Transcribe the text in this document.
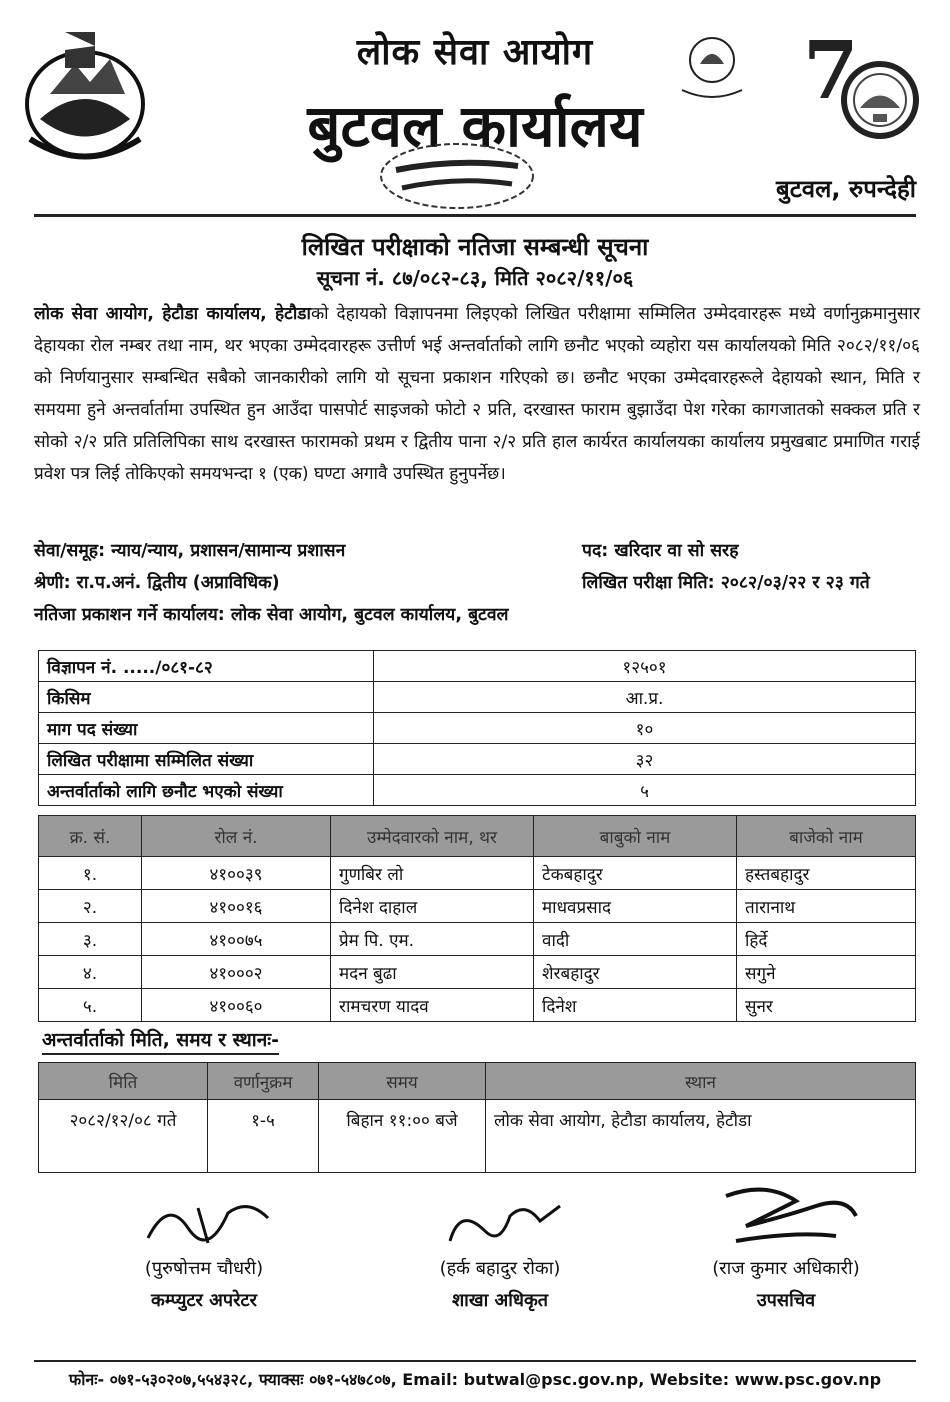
7
लोक सेवा आयोग
बुटवल कार्यालय
बुटवल, रुपन्देही
लिखित परीक्षाको नतिजा सम्बन्धी सूचना
सूचना नं. ८७/०८२-८३, मिति २०८२/११/०६
लोक सेवा आयोग, हेटौडा कार्यालय, हेटौडाको देहायको विज्ञापनमा लिइएको लिखित परीक्षामा सम्मिलित उम्मेदवारहरू मध्ये वर्णानुक्रमानुसार देहायका रोल नम्बर तथा नाम, थर भएका उम्मेदवारहरू उत्तीर्ण भई अन्तर्वार्ताको लागि छनौट भएको व्यहोरा यस कार्यालयको मिति २०८२/११/०६ को निर्णयानुसार सम्बन्धित सबैको जानकारीको लागि यो सूचना प्रकाशन गरिएको छ। छनौट भएका उम्मेदवारहरूले देहायको स्थान, मिति र समयमा हुने अन्तर्वार्तामा उपस्थित हुन आउँदा पासपोर्ट साइजको फोटो २ प्रति, दरखास्त फाराम बुझाउँदा पेश गरेका कागजातको सक्कल प्रति र सोको २/२ प्रति प्रतिलिपिका साथ दरखास्त फारामको प्रथम र द्वितीय पाना २/२ प्रति हाल कार्यरत कार्यालयका कार्यालय प्रमुखबाट प्रमाणित गराई प्रवेश पत्र लिई तोकिएको समयभन्दा १ (एक) घण्टा अगावै उपस्थित हुनुपर्नेछ।
सेवा/समूह: न्याय/न्याय, प्रशासन/सामान्य प्रशासन	पद: खरिदार वा सो सरह
श्रेणी: रा.प.अनं. द्वितीय (अप्राविधिक)	लिखित परीक्षा मिति: २०८२/०३/२२ र २३ गते
नतिजा प्रकाशन गर्ने कार्यालय: लोक सेवा आयोग, बुटवल कार्यालय, बुटवल
विज्ञापन नं. ...../०८१-८२	१२५०१
किसिम	आ.प्र.
माग पद संख्या	१०
लिखित परीक्षामा सम्मिलित संख्या	३२
अन्तर्वार्ताको लागि छनौट भएको संख्या	५
क्र. सं.	रोल नं.	उम्मेदवारको नाम, थर	बाबुको नाम	बाजेको नाम
१.	४१००३९	गुणबिर लो	टेकबहादुर	हस्तबहादुर
२.	४१००१६	दिनेश दाहाल	माधवप्रसाद	तारानाथ
३.	४१००७५	प्रेम पि. एम.	वादी	हिर्दे
४.	४१०००२	मदन बुढा	शेरबहादुर	सगुने
५.	४१००६०	रामचरण यादव	दिनेश	सुनर
अन्तर्वार्ताको मिति, समय र स्थानः-
मिति	वर्णानुक्रम	समय	स्थान
२०८२/१२/०८ गते	१-५	बिहान ११:०० बजे	लोक सेवा आयोग, हेटौडा कार्यालय, हेटौडा
(पुरुषोत्तम चौधरी)
कम्प्युटर अपरेटर
(हर्क बहादुर रोका)
शाखा अधिकृत
(राज कुमार अधिकारी)
उपसचिव
फोनः- ०७१-५३०२०७,५५४३२८, फ्याक्सः ०७१-५४७८०७, Email: butwal@psc.gov.np, Website: www.psc.gov.np
